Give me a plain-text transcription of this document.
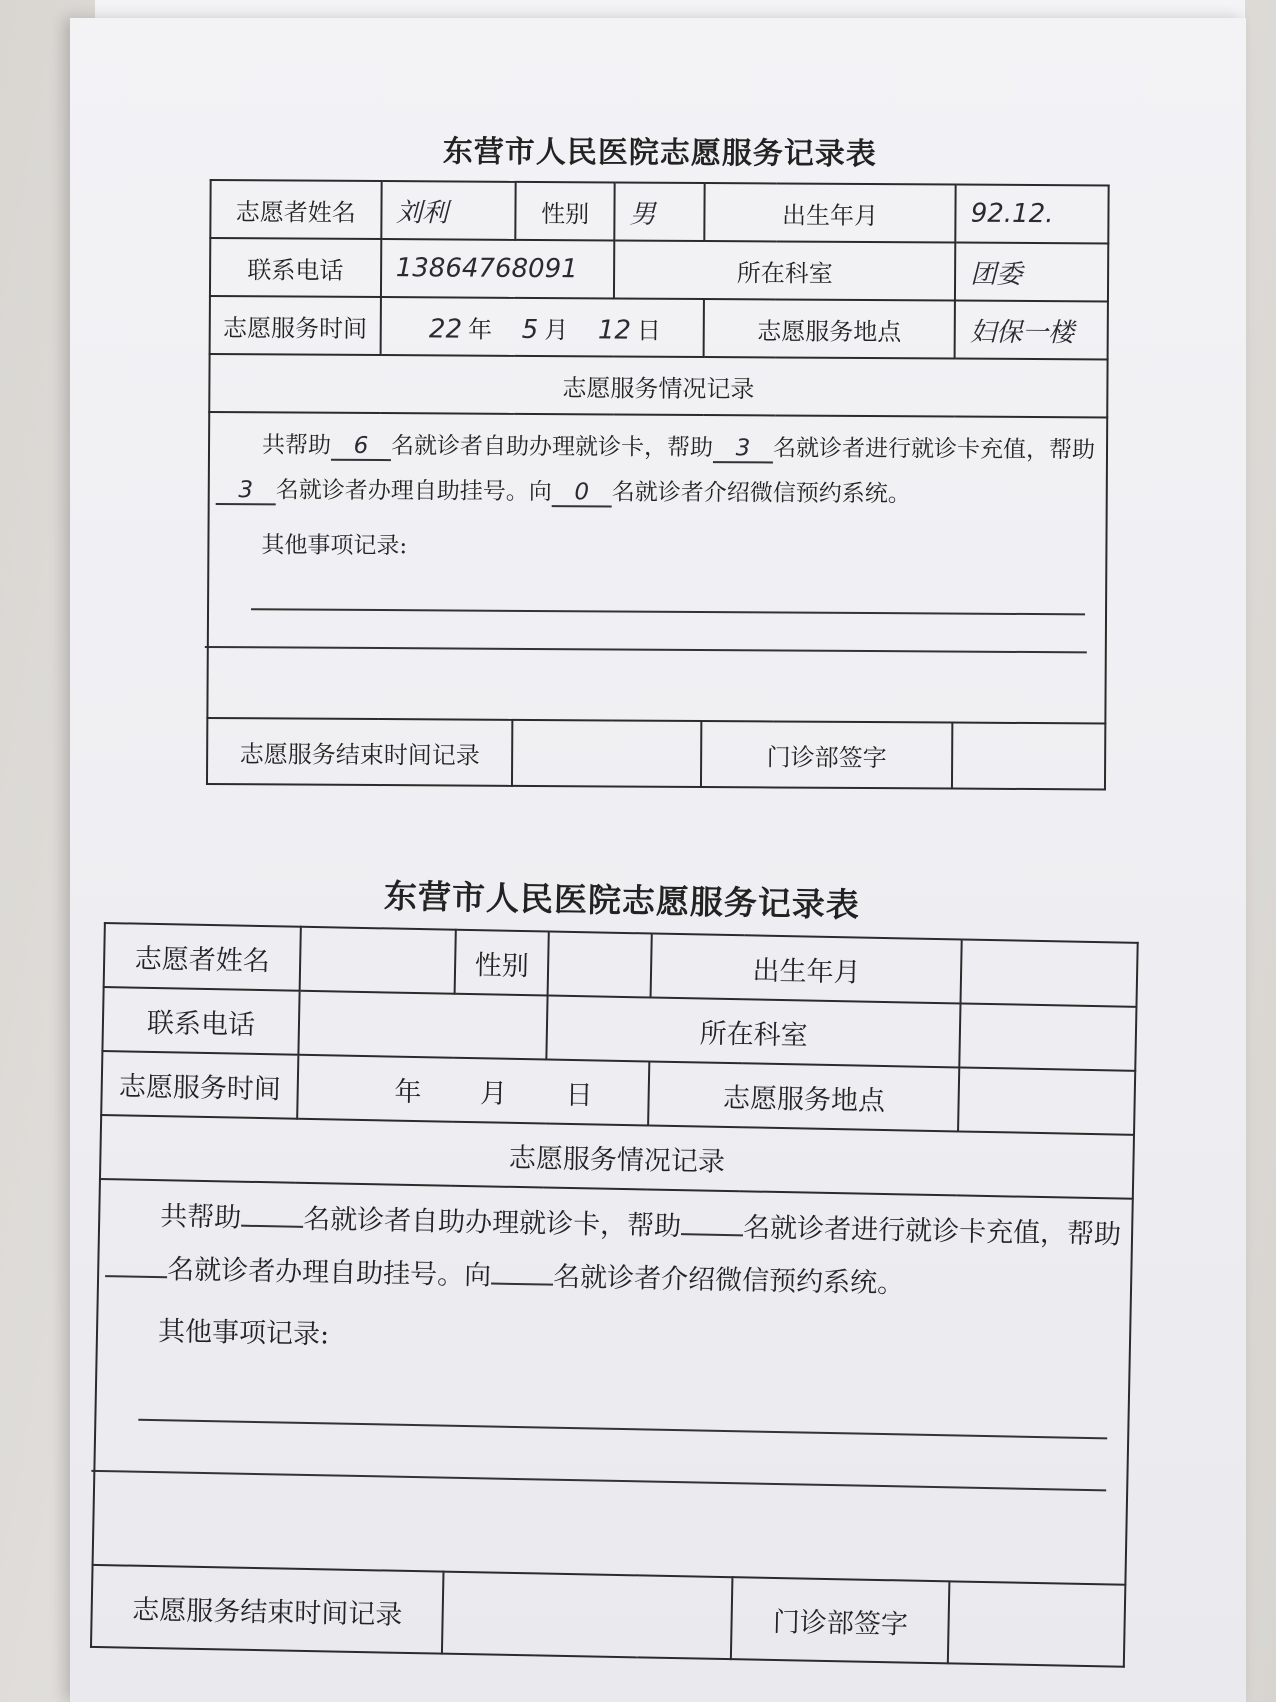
东营市人民医院志愿服务记录表
志愿者姓名	刘利	性别	男	出生年月	92.12.
联系电话	13864768091		所在科室		团委
志愿服务时间	22 年 5 月 12 日			志愿服务地点	妇保一楼
志愿服务情况记录					
共帮助 6 名就诊者自助办理就诊卡，帮助 3 名就诊者进行就诊卡充值，帮助3 名就诊者办理自助挂号。向 0 名就诊者介绍微信预约系统。
其他事项记录:					

志愿服务结束时间记录				门诊部签字	
东营市人民医院志愿服务记录表
志愿者姓名		性别		出生年月		
联系电话			所在科室			
志愿服务时间	年 月 日			志愿服务地点		
志愿服务情况记录						
共帮助 名就诊者自助办理就诊卡，帮助 名就诊者进行就诊卡充值，帮助名就诊者办理自助挂号。向 名就诊者介绍微信预约系统。
其他事项记录:						

志愿服务结束时间记录					门诊部签字	
